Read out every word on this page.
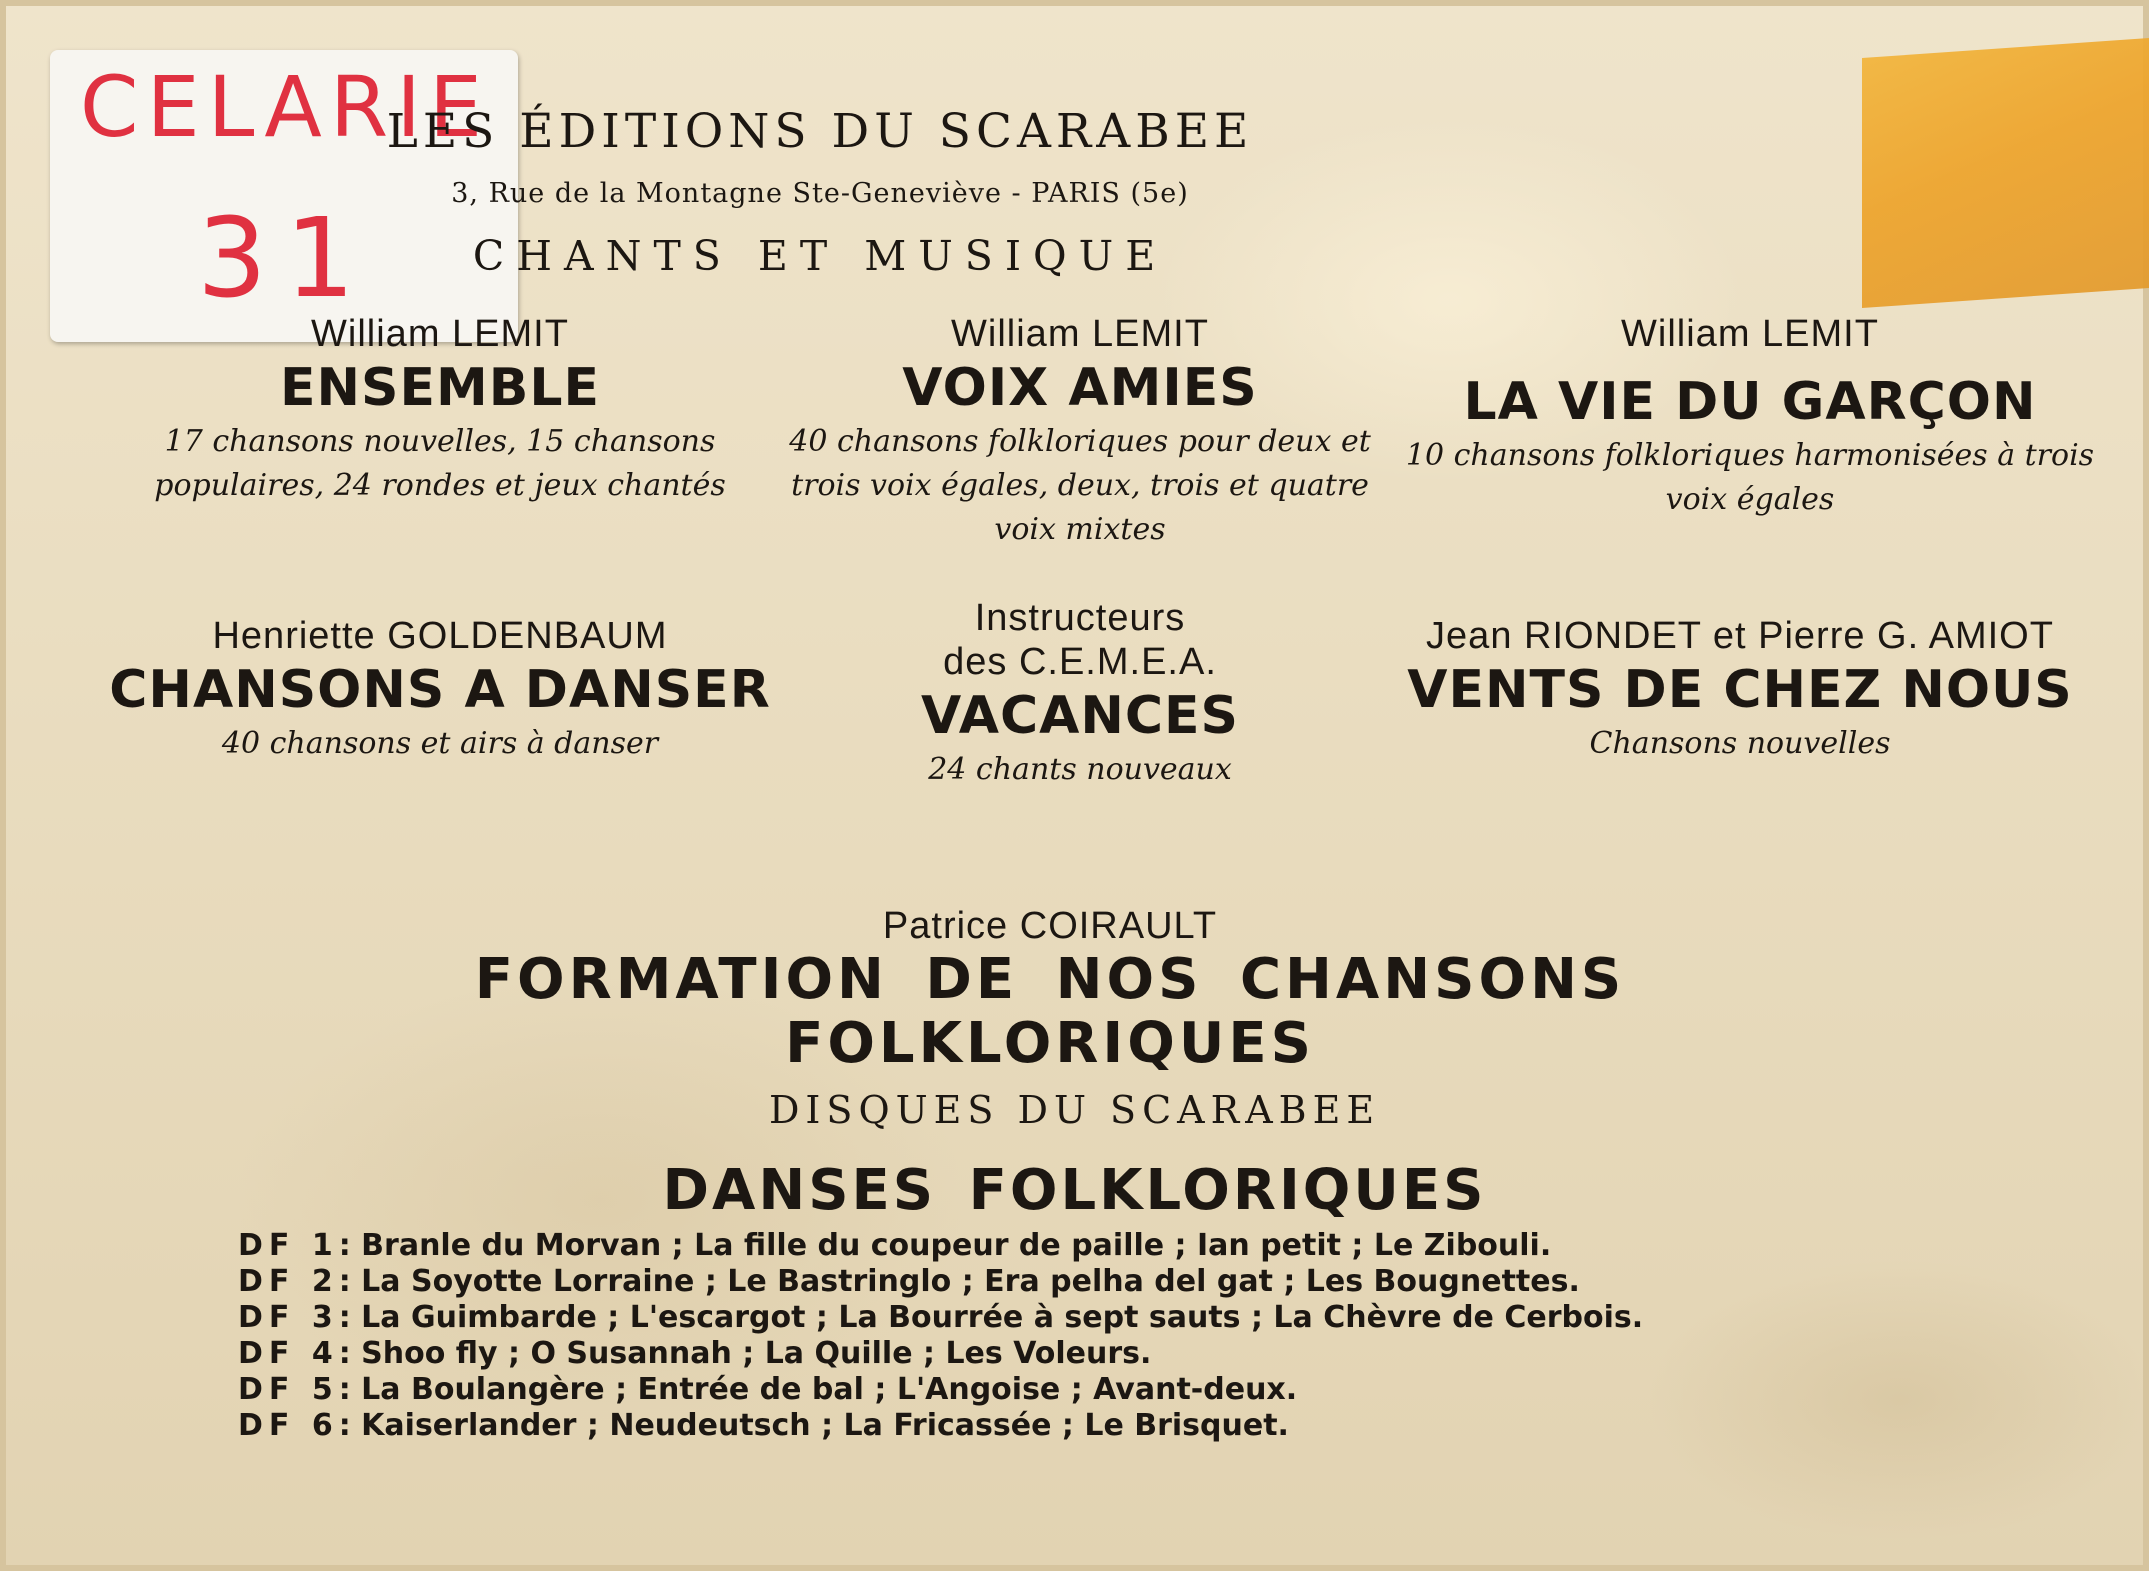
CELARIE
31
LES ÉDITIONS DU SCARABEE
3, Rue de la Montagne Ste-Geneviève - PARIS (5e)
CHANTS ET MUSIQUE
William LEMIT
ENSEMBLE
17 chansons nouvelles, 15 chansons populaires, 24 rondes et jeux chantés
William LEMIT
VOIX AMIES
40 chansons folkloriques pour deux et trois voix égales, deux, trois et quatre voix mixtes
William LEMIT
LA VIE DU GARÇON
10 chansons folkloriques harmonisées à trois voix égales
Henriette GOLDENBAUM
CHANSONS A DANSER
40 chansons et airs à danser
Instructeurs
des C.E.M.E.A.
VACANCES
24 chants nouveaux
Jean RIONDET et Pierre G. AMIOT
VENTS DE CHEZ NOUS
Chansons nouvelles
Patrice COIRAULT
FORMATION DE NOS CHANSONS FOLKLORIQUES
DISQUES DU SCARABEE
DANSES FOLKLORIQUES
DF 1: Branle du Morvan ; La fille du coupeur de paille ; Ian petit ; Le Zibouli.
DF 2: La Soyotte Lorraine ; Le Bastringlo ; Era pelha del gat ; Les Bougnettes.
DF 3: La Guimbarde ; L'escargot ; La Bourrée à sept sauts ; La Chèvre de Cerbois.
DF 4: Shoo fly ; O Susannah ; La Quille ; Les Voleurs.
DF 5: La Boulangère ; Entrée de bal ; L'Angoise ; Avant-deux.
DF 6: Kaiserlander ; Neudeutsch ; La Fricassée ; Le Brisquet.
